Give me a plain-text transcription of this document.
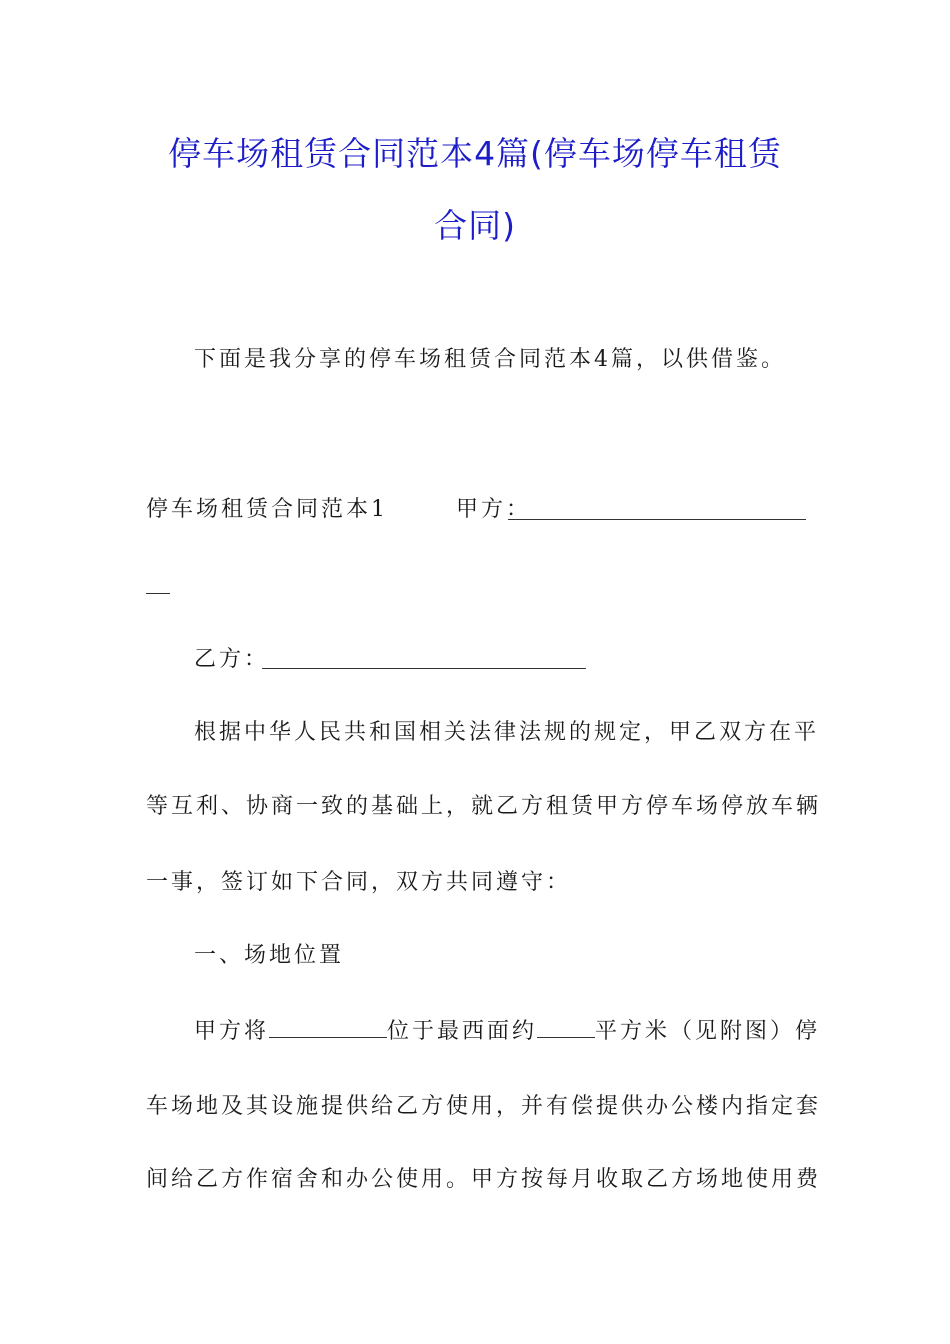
停车场租赁合同范本4篇(停车场停车租赁
合同)
下面是我分享的停车场租赁合同范本4篇，以供借鉴。
停车场租赁合同范本1	甲方：
乙方：
根据中华人民共和国相关法律法规的规定，甲乙双方在平
等互利、协商一致的基础上，就乙方租赁甲方停车场停放车辆
一事，签订如下合同，双方共同遵守：
一、场地位置
甲方将	位于最西面约	平方米（见附图）停
车场地及其设施提供给乙方使用，并有偿提供办公楼内指定套
间给乙方作宿舍和办公使用。甲方按每月收取乙方场地使用费
